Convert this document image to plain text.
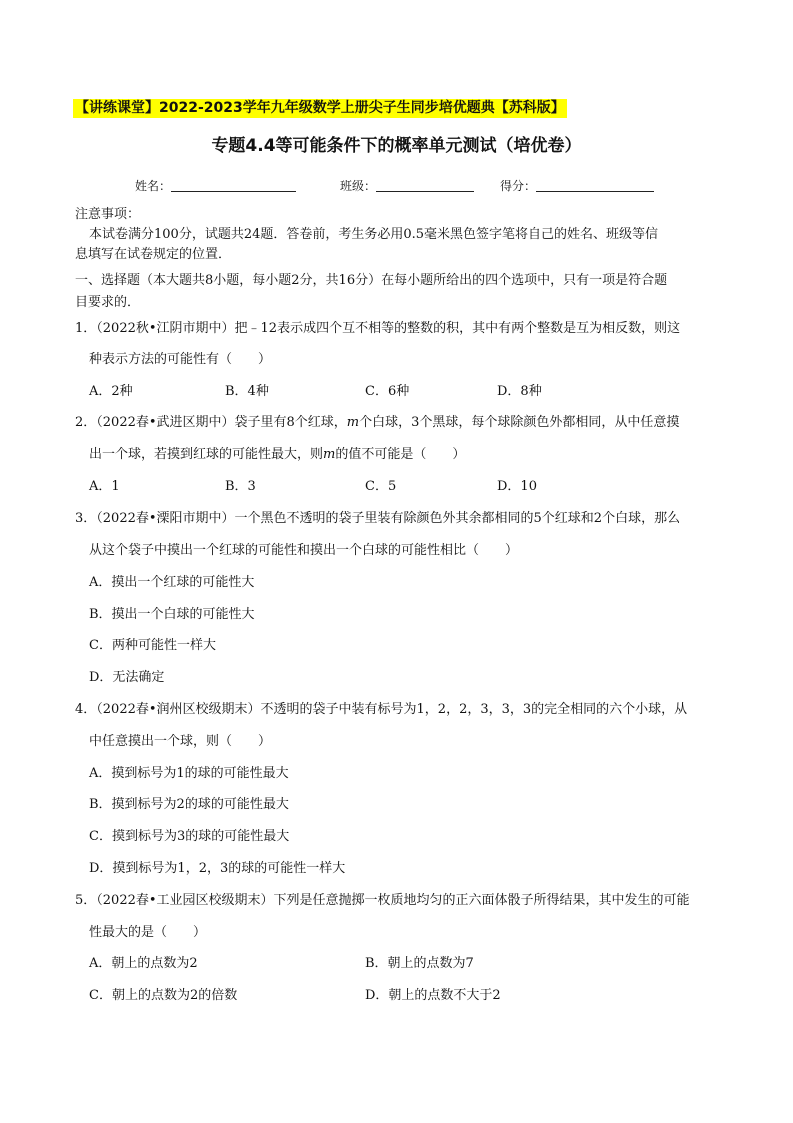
【讲练课堂】2022-2023学年九年级数学上册尖子生同步培优题典【苏科版】
专题4.4等可能条件下的概率单元测试（培优卷）
姓名：	班级：	得分：
注意事项：
本试卷满分100分，试题共24题．答卷前，考生务必用0.5毫米黑色签字笔将自己的姓名、班级等信
息填写在试卷规定的位置．
一、选择题（本大题共8小题，每小题2分，共16分）在每小题所给出的四个选项中，只有一项是符合题
目要求的．
1．（2022秋•江阴市期中）把﹣12表示成四个互不相等的整数的积，其中有两个整数是互为相反数，则这
种表示方法的可能性有（　　）
A．2种	B．4种	C．6种	D．8种
2．（2022春•武进区期中）袋子里有8个红球，m个白球，3个黑球，每个球除颜色外都相同，从中任意摸
出一个球，若摸到红球的可能性最大，则m的值不可能是（　　）
A．1	B．3	C．5	D．10
3．（2022春•溧阳市期中）一个黑色不透明的袋子里装有除颜色外其余都相同的5个红球和2个白球，那么
从这个袋子中摸出一个红球的可能性和摸出一个白球的可能性相比（　　）
A．摸出一个红球的可能性大
B．摸出一个白球的可能性大
C．两种可能性一样大
D．无法确定
4．（2022春•润州区校级期末）不透明的袋子中装有标号为1，2，2，3，3，3的完全相同的六个小球，从
中任意摸出一个球，则（　　）
A．摸到标号为1的球的可能性最大
B．摸到标号为2的球的可能性最大
C．摸到标号为3的球的可能性最大
D．摸到标号为1，2，3的球的可能性一样大
5．（2022春•工业园区校级期末）下列是任意抛掷一枚质地均匀的正六面体骰子所得结果，其中发生的可能
性最大的是（　　）
A．朝上的点数为2	B．朝上的点数为7
C．朝上的点数为2的倍数	D．朝上的点数不大于2
